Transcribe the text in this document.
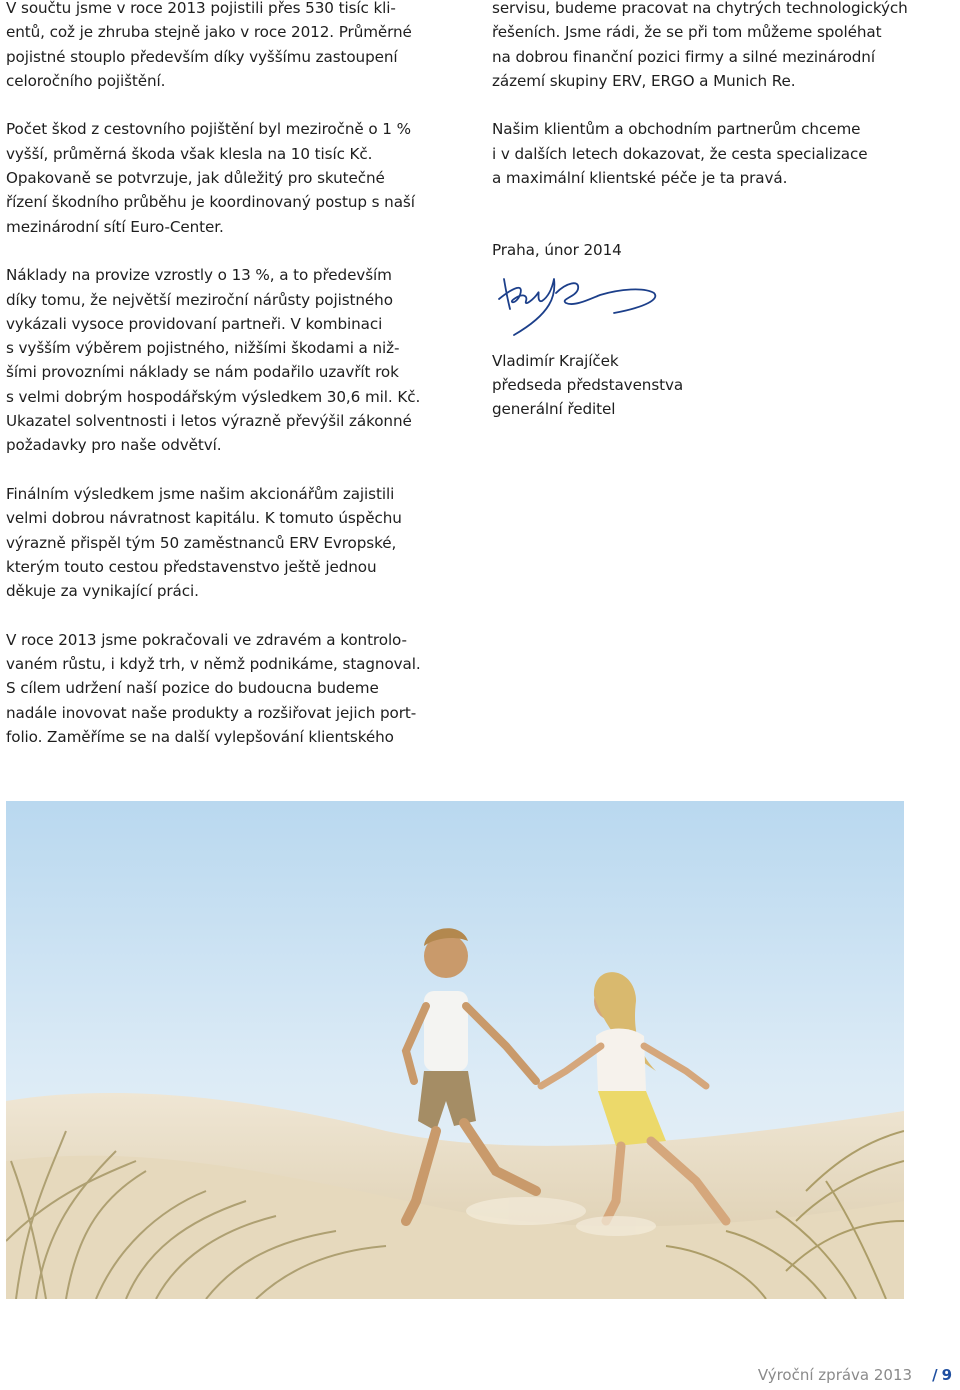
V součtu jsme v roce 2013 pojistili přes 530 tisíc kli-
entů, což je zhruba stejně jako v roce 2012. Průměrné
pojistné stouplo především díky vyššímu zastoupení
celoročního pojištění.

Počet škod z cestovního pojištění byl meziročně o 1 %
vyšší, průměrná škoda však klesla na 10 tisíc Kč.
Opakovaně se potvrzuje, jak důležitý pro skutečné
řízení škodního průběhu je koordinovaný postup s naší
mezinárodní sítí Euro-Center.

Náklady na provize vzrostly o 13 %, a to především
díky tomu, že největší meziroční nárůsty pojistného
vykázali vysoce providovaní partneři. V kombinaci
s vyšším výběrem pojistného, nižšími škodami a niž-
šími provozními náklady se nám podařilo uzavřít rok
s velmi dobrým hospodářským výsledkem 30,6 mil. Kč.
Ukazatel solventnosti i letos výrazně převýšil zákonné
požadavky pro naše odvětví.

Finálním výsledkem jsme našim akcionářům zajistili
velmi dobrou návratnost kapitálu. K tomuto úspěchu
výrazně přispěl tým 50 zaměstnanců ERV Evropské,
kterým touto cestou představenstvo ještě jednou
děkuje za vynikající práci.

V roce 2013 jsme pokračovali ve zdravém a kontrolo-
vaném růstu, i když trh, v němž podnikáme, stagnoval.
S cílem udržení naší pozice do budoucna budeme
nadále inovovat naše produkty a rozšiřovat jejich port-
folio. Zaměříme se na další vylepšování klientského

servisu, budeme pracovat na chytrých technologických
řešeních. Jsme rádi, že se při tom můžeme spoléhat
na dobrou finanční pozici firmy a silné mezinárodní
zázemí skupiny ERV, ERGO a Munich Re.

Našim klientům a obchodním partnerům chceme
i v dalších letech dokazovat, že cesta specializace
a maximální klientské péče je ta pravá.

Praha, únor 2014

Vladimír Krajíček
předseda představenstva
generální ředitel
Výroční zpráva 2013 / 9
